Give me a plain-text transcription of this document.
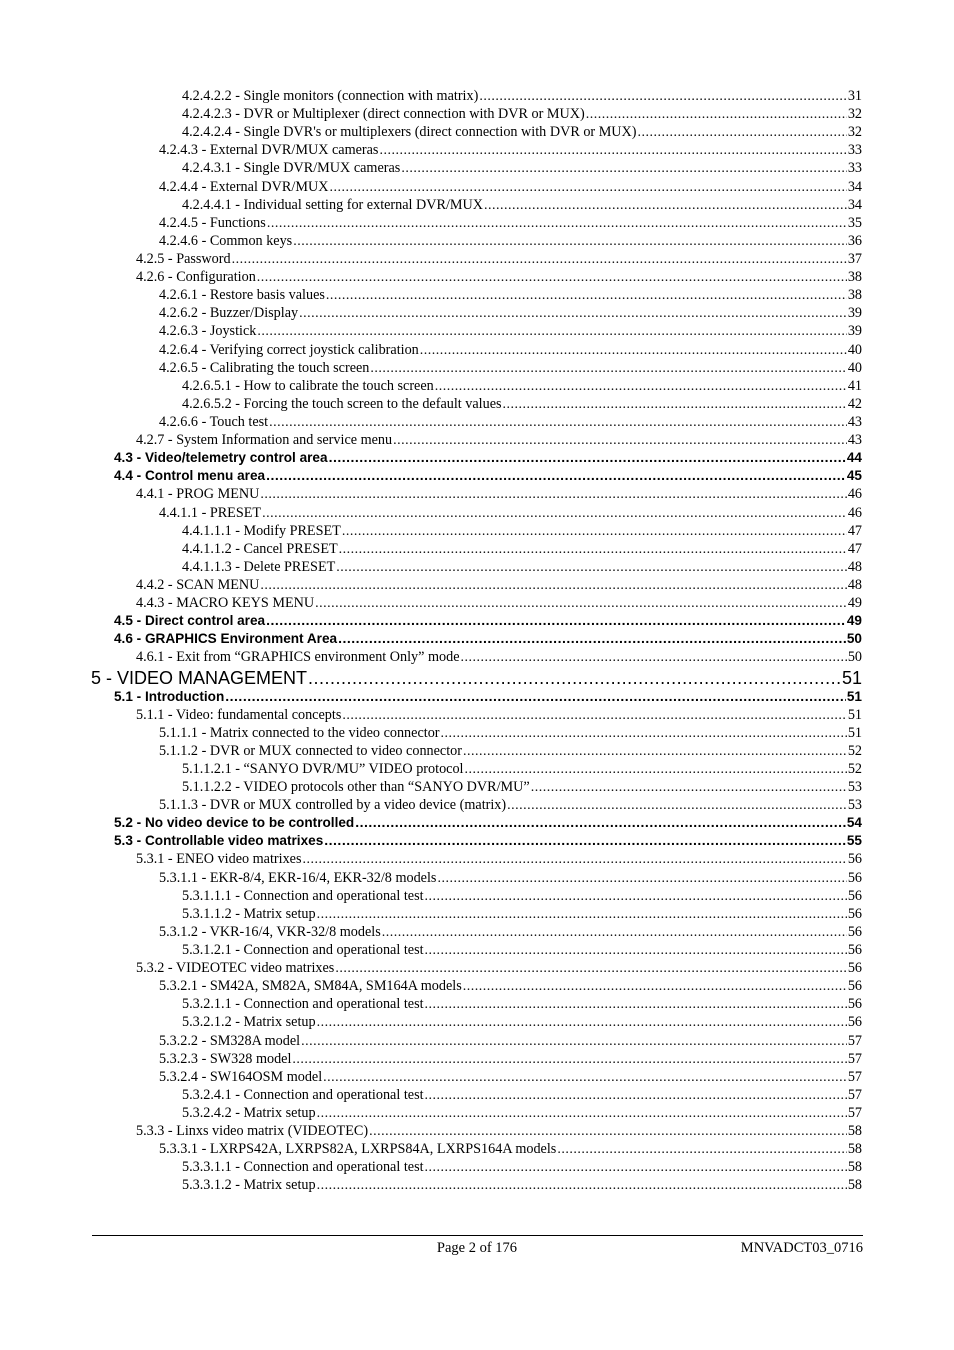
4.2.4.2.2 - Single monitors (connection with matrix) .....	31
4.2.4.2.3 - DVR or Multiplexer (direct connection with DVR or MUX) .....	32
4.2.4.2.4 - Single DVR's or multiplexers (direct connection with DVR or MUX) .....	32
4.2.4.3 - External DVR/MUX cameras .....	33
4.2.4.3.1 - Single DVR/MUX cameras .....	33
4.2.4.4 - External DVR/MUX .....	34
4.2.4.4.1 - Individual setting for external DVR/MUX .....	34
4.2.4.5 - Functions .....	35
4.2.4.6 - Common keys .....	36
4.2.5 - Password .....	37
4.2.6 - Configuration .....	38
4.2.6.1 - Restore basis values .....	38
4.2.6.2 - Buzzer/Display .....	39
4.2.6.3 - Joystick .....	39
4.2.6.4 - Verifying correct joystick calibration .....	40
4.2.6.5 - Calibrating the touch screen .....	40
4.2.6.5.1 - How to calibrate the touch screen .....	41
4.2.6.5.2 - Forcing the touch screen to the default values .....	42
4.2.6.6 - Touch test .....	43
4.2.7 - System Information and service menu .....	43
4.3 - Video/telemetry control area .....	44
4.4 - Control menu area .....	45
4.4.1 - PROG MENU .....	46
4.4.1.1 - PRESET .....	46
4.4.1.1.1 - Modify PRESET .....	47
4.4.1.1.2 - Cancel PRESET .....	47
4.4.1.1.3 - Delete PRESET .....	48
4.4.2 - SCAN MENU .....	48
4.4.3 - MACRO KEYS MENU .....	49
4.5 - Direct control area .....	49
4.6 - GRAPHICS Environment Area .....	50
4.6.1 - Exit from “GRAPHICS environment Only” mode .....	50
5 - VIDEO MANAGEMENT .....	51
5.1 - Introduction .....	51
5.1.1 - Video: fundamental concepts .....	51
5.1.1.1 - Matrix connected to the video connector .....	51
5.1.1.2 - DVR or MUX connected to video connector .....	52
5.1.1.2.1 - “SANYO DVR/MU” VIDEO protocol .....	52
5.1.1.2.2 - VIDEO protocols other than “SANYO DVR/MU” .....	53
5.1.1.3 - DVR or MUX controlled by a video device (matrix) .....	53
5.2 - No video device to be controlled .....	54
5.3 - Controllable video matrixes .....	55
5.3.1 - ENEO video matrixes .....	56
5.3.1.1 - EKR-8/4, EKR-16/4, EKR-32/8 models .....	56
5.3.1.1.1 - Connection and operational test .....	56
5.3.1.1.2 - Matrix setup .....	56
5.3.1.2 - VKR-16/4, VKR-32/8 models .....	56
5.3.1.2.1 - Connection and operational test .....	56
5.3.2 - VIDEOTEC video matrixes .....	56
5.3.2.1 - SM42A, SM82A, SM84A, SM164A models .....	56
5.3.2.1.1 - Connection and operational test .....	56
5.3.2.1.2 - Matrix setup .....	56
5.3.2.2 - SM328A model .....	57
5.3.2.3 - SW328 model .....	57
5.3.2.4 - SW164OSM model .....	57
5.3.2.4.1 - Connection and operational test .....	57
5.3.2.4.2 - Matrix setup .....	57
5.3.3 - Linxs video matrix (VIDEOTEC) .....	58
5.3.3.1 - LXRPS42A, LXRPS82A, LXRPS84A, LXRPS164A models .....	58
5.3.3.1.1 - Connection and operational test .....	58
5.3.3.1.2 - Matrix setup .....	58
Page 2 of 176	MNVADCT03_0716
